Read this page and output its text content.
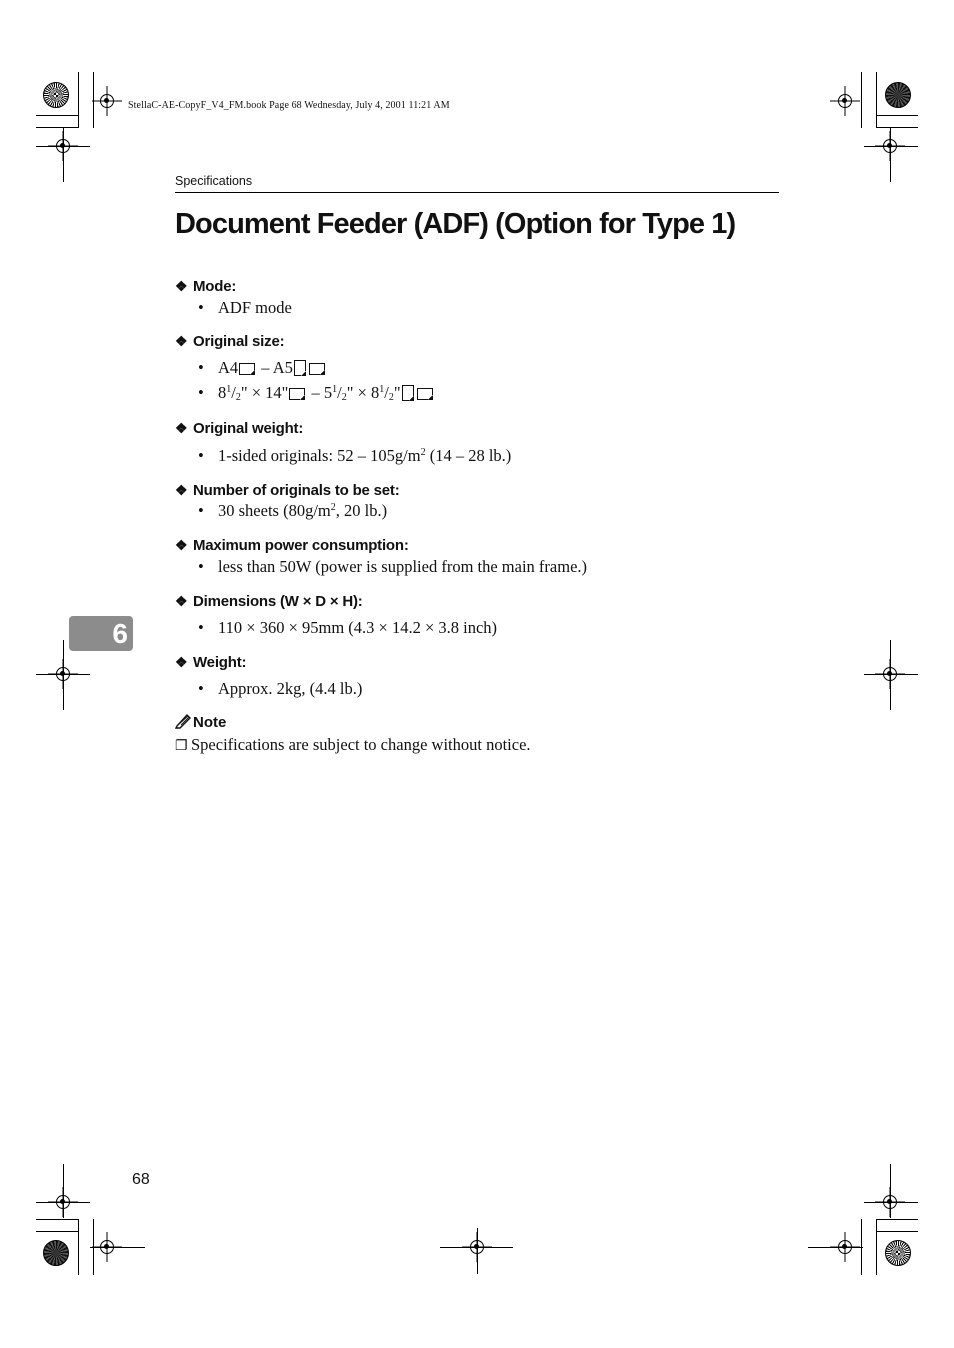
StellaC-AE-CopyF_V4_FM.book Page 68 Wednesday, July 4, 2001 11:21 AM
Specifications
Document Feeder (ADF) (Option for Type 1)
❖ Mode:
• ADF mode
❖ Original size:
• A4 – A5
• $8^1/_2$" × 14" – $5^1/_2$" × $8^1/_2$"
❖ Original weight:
• 1-sided originals: $52 - 105g/m^2$ (14 – 28 lb.)
❖ Number of originals to be set:
• 30 sheets ($80g/m^2$, 20 lb.)
❖ Maximum power consumption:
• less than 50W (power is supplied from the main frame.)
❖ Dimensions (W × D × H):
• 110 × 360 × 95mm (4.3 × 14.2 × 3.8 inch)
❖ Weight:
• Approx. 2kg, (4.4 lb.)
6
Note
❐ Specifications are subject to change without notice.
68
